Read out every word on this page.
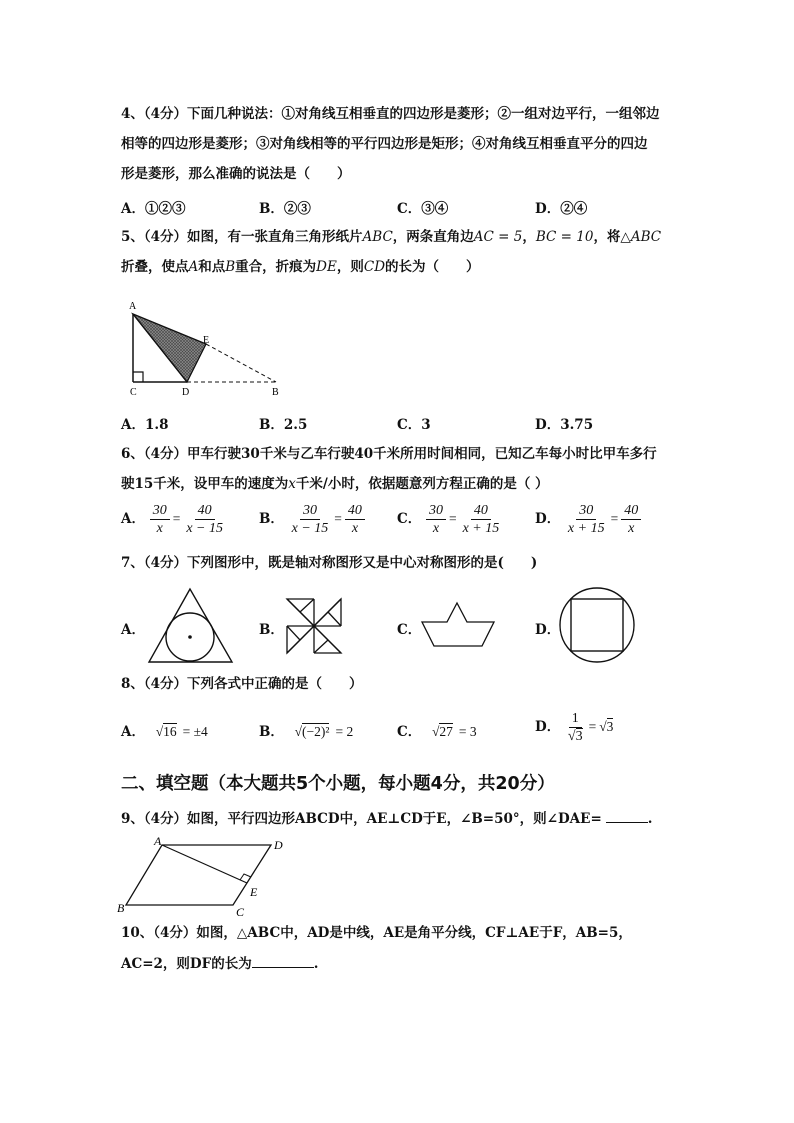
4、（4分）下面几种说法：①对角线互相垂直的四边形是菱形；②一组对边平行，一组邻边
相等的四边形是菱形；③对角线相等的平行四边形是矩形；④对角线互相垂直平分的四边
形是菱形，那么准确的说法是（　　）
A．①②③	B．②③	C．③④	D．②④
5、（4分）如图，有一张直角三角形纸片ABC，两条直角边AC = 5，BC = 10，将△ABC
折叠，使点A和点B重合，折痕为DE，则CD的长为（　　）
A
C	D
E
B
A．1.8	B．2.5	C．3	D．3.75
6、（4分）甲车行驶30千米与乙车行驶40千米所用时间相同，已知乙车每小时比甲车多行
驶15千米，设甲车的速度为x千米/小时，依据题意列方程正确的是（ ）
A． $\frac{30}{x} = \frac{40}{x - 15}$ B． $\frac{30}{x - 15} = \frac{40}{x}$ C． $\frac{30}{x} = \frac{40}{x + 15}$ D． $\frac{30}{x + 15} = \frac{40}{x}$
7、（4分）下列图形中，既是轴对称图形又是中心对称图形的是(　　)
A．	B．	C．	D．
8、（4分）下列各式中正确的是（　　）
A． √16 = ±4	B． √(−2)² = 2	C． √27 = 3	D． $\frac{1}{√3} = √3$
二、填空题（本大题共5个小题，每小题4分，共20分）
9、（4分）如图，平行四边形ABCD中，AE⊥CD于E，∠B=50°，则∠DAE=	.
A	D
B	C
E
10、（4分）如图，△ABC中，AD是中线，AE是角平分线，CF⊥AE于F，AB=5，
AC=2，则DF的长为	.
